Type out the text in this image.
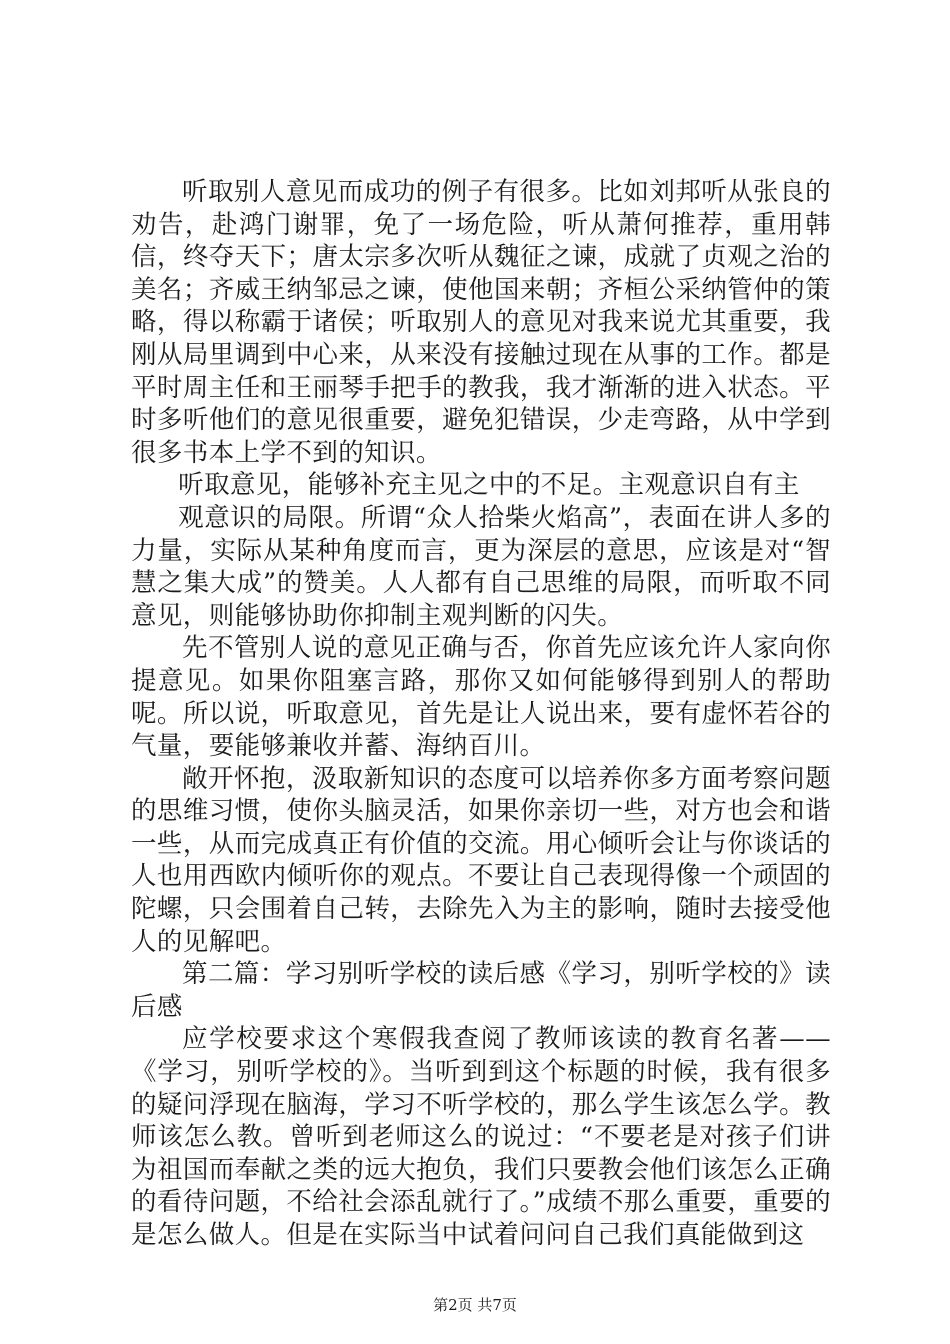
听取别人意见而成功的例子有很多。比如刘邦听从张良的劝告，赴鸿门谢罪，免了一场危险，听从萧何推荐，重用韩信，终夺天下；唐太宗多次听从魏征之谏，成就了贞观之治的美名；齐威王纳邹忌之谏，使他国来朝；齐桓公采纳管仲的策略，得以称霸于诸侯；听取别人的意见对我来说尤其重要，我刚从局里调到中心来，从来没有接触过现在从事的工作。都是平时周主任和王丽琴手把手的教我，我才渐渐的进入状态。平时多听他们的意见很重要，避免犯错误，少走弯路，从中学到很多书本上学不到的知识。

听取意见，能够补充主见之中的不足。主观意识自有主

观意识的局限。所谓“众人拾柴火焰高”，表面在讲人多的力量，实际从某种角度而言，更为深层的意思，应该是对“智慧之集大成”的赞美。人人都有自己思维的局限，而听取不同意见，则能够协助你抑制主观判断的闪失。

先不管别人说的意见正确与否，你首先应该允许人家向你提意见。如果你阻塞言路，那你又如何能够得到别人的帮助呢。所以说，听取意见，首先是让人说出来，要有虚怀若谷的气量，要能够兼收并蓄、海纳百川。

敞开怀抱，汲取新知识的态度可以培养你多方面考察问题的思维习惯，使你头脑灵活，如果你亲切一些，对方也会和谐一些，从而完成真正有价值的交流。用心倾听会让与你谈话的人也用西欧内倾听你的观点。不要让自己表现得像一个顽固的陀螺，只会围着自己转，去除先入为主的影响，随时去接受他人的见解吧。

第二篇：学习别听学校的读后感《学习，别听学校的》读后感

应学校要求这个寒假我查阅了教师该读的教育名著——《学习，别听学校的》。当听到到这个标题的时候，我有很多的疑问浮现在脑海，学习不听学校的，那么学生该怎么学。教师该怎么教。曾听到老师这么的说过：“不要老是对孩子们讲为祖国而奉献之类的远大抱负，我们只要教会他们该怎么正确的看待问题，不给社会添乱就行了。”成绩不那么重要，重要的是怎么做人。但是在实际当中试着问问自己我们真能做到这

第2页 共7页
